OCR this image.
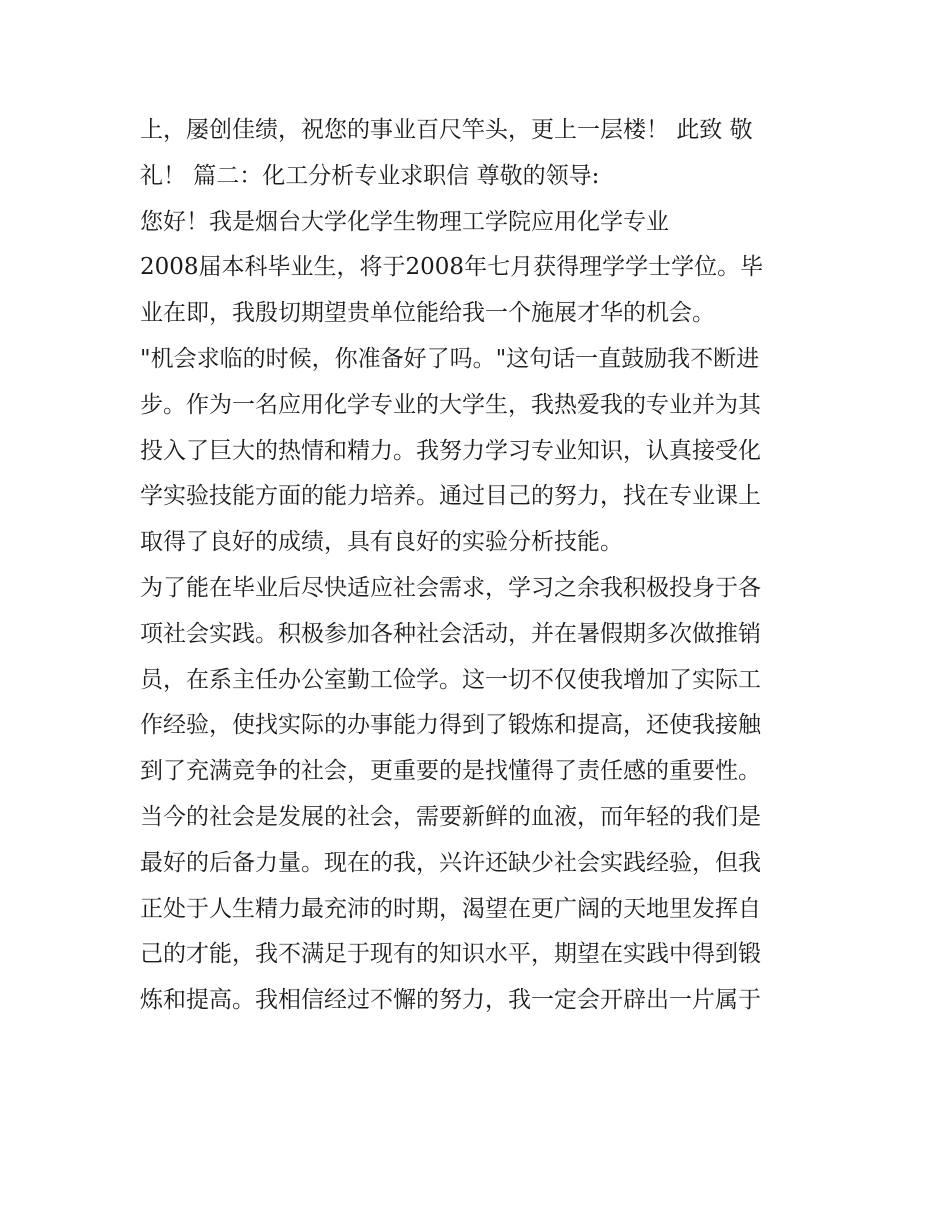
上，屡创佳绩，祝您的事业百尺竿头，更上一层楼！ 此致 敬
礼！ 篇二：化工分析专业求职信 尊敬的领导:
您好！我是烟台大学化学生物理工学院应用化学专业
2008届本科毕业生，将于2008年七月获得理学学士学位。毕
业在即，我殷切期望贵单位能给我一个施展才华的机会。
"机会求临的时候，你准备好了吗。"这句话一直鼓励我不断进
步。作为一名应用化学专业的大学生，我热爱我的专业并为其
投入了巨大的热情和精力。我努力学习专业知识，认真接受化
学实验技能方面的能力培养。通过目己的努力，找在专业课上
取得了良好的成绩，具有良好的实验分析技能。
为了能在毕业后尽快适应社会需求，学习之余我积极投身于各
项社会实践。积极参加各种社会活动，并在暑假期多次做推销
员，在系主任办公室勤工俭学。这一切不仅使我增加了实际工
作经验，使找实际的办事能力得到了锻炼和提高，还使我接触
到了充满竞争的社会，更重要的是找懂得了责任感的重要性。
当今的社会是发展的社会，需要新鲜的血液，而年轻的我们是
最好的后备力量。现在的我，兴许还缺少社会实践经验，但我
正处于人生精力最充沛的时期，渴望在更广阔的天地里发挥自
己的才能，我不满足于现有的知识水平，期望在实践中得到锻
炼和提高。我相信经过不懈的努力，我一定会开辟出一片属于
